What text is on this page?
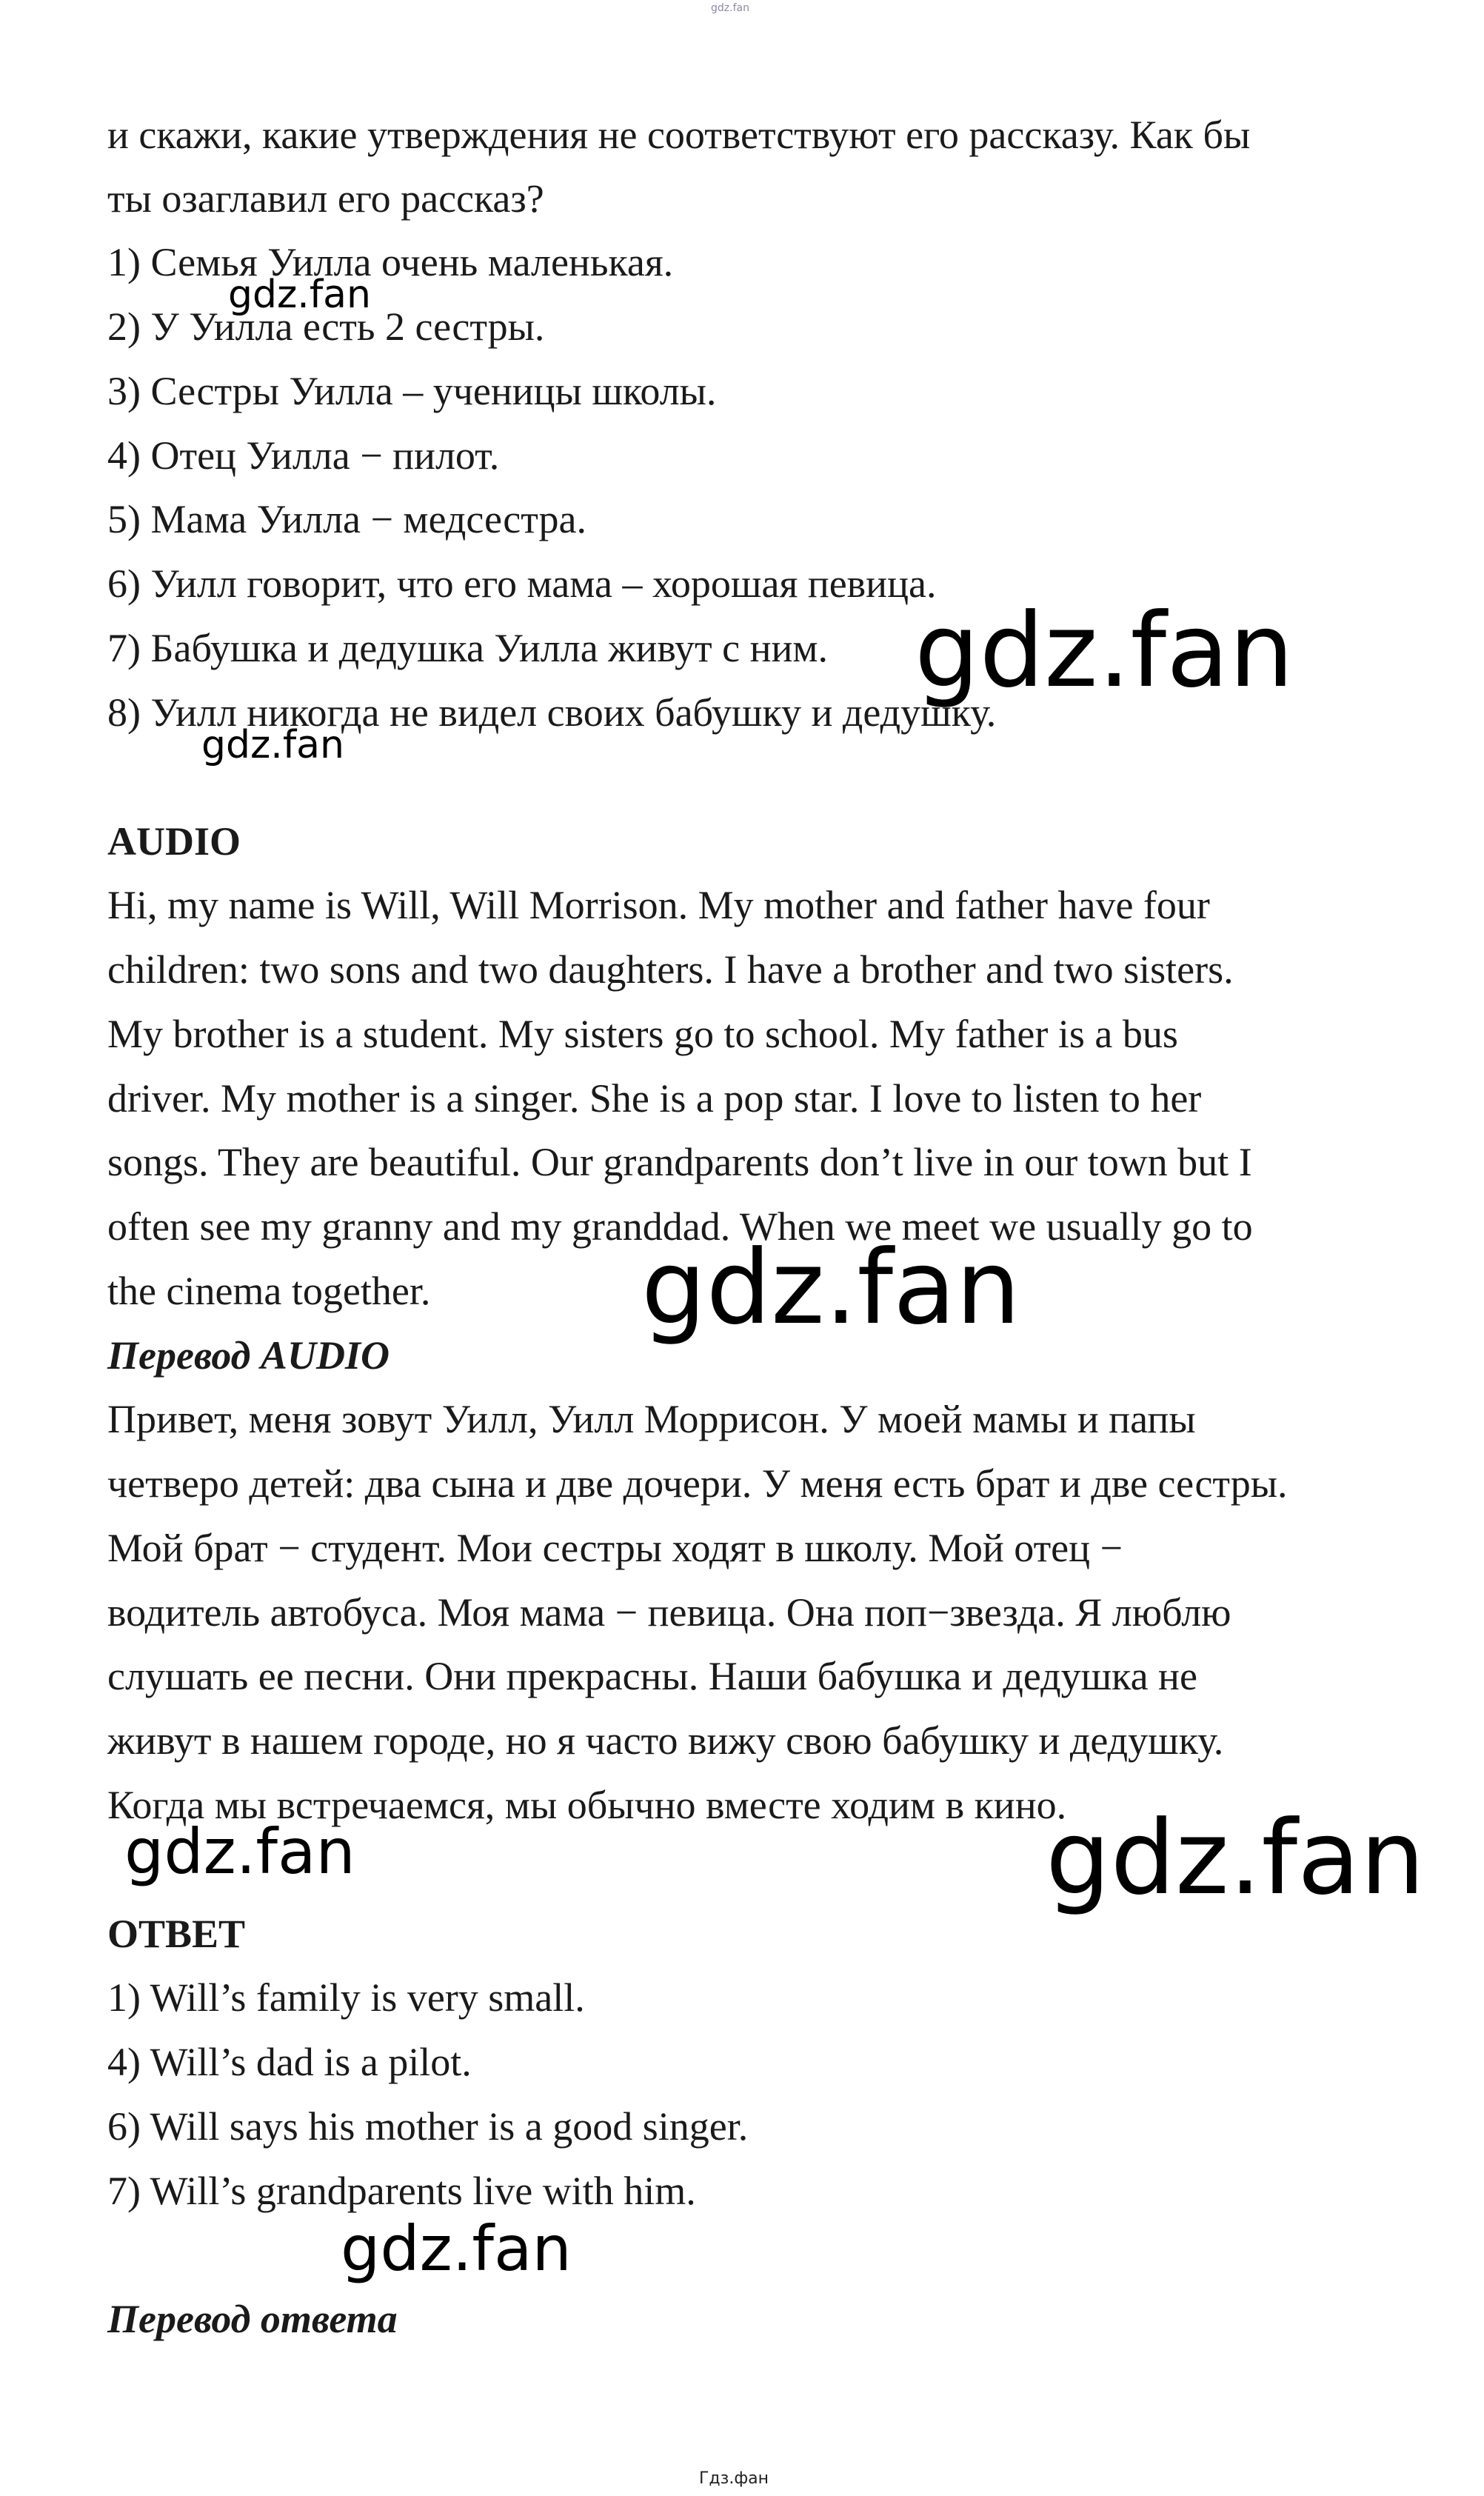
gdz.fan
и скажи, какие утверждения не соответствуют его рассказу. Как бы
ты озаглавил его рассказ?
1) Семья Уилла очень маленькая.
2) У Уилла есть 2 сестры.
3) Сестры Уилла – ученицы школы.
4) Отец Уилла − пилот.
5) Мама Уилла − медсестра.
6) Уилл говорит, что его мама – хорошая певица.
7) Бабушка и дедушка Уилла живут с ним.
8) Уилл никогда не видел своих бабушку и дедушку.
AUDIO
Hi, my name is Will, Will Morrison. My mother and father have four
children: two sons and two daughters. I have a brother and two sisters.
My brother is a student. My sisters go to school. My father is a bus
driver. My mother is a singer. She is a pop star. I love to listen to her
songs. They are beautiful. Our grandparents don’t live in our town but I
often see my granny and my granddad. When we meet we usually go to
the cinema together.
Перевод AUDIO
Привет, меня зовут Уилл, Уилл Моррисон. У моей мамы и папы
четверо детей: два сына и две дочери. У меня есть брат и две сестры.
Мой брат − студент. Мои сестры ходят в школу. Мой отец −
водитель автобуса. Моя мама − певица. Она поп−звезда. Я люблю
слушать ее песни. Они прекрасны. Наши бабушка и дедушка не
живут в нашем городе, но я часто вижу свою бабушку и дедушку.
Когда мы встречаемся, мы обычно вместе ходим в кино.
ОТВЕТ
1) Will’s family is very small.
4) Will’s dad is a pilot.
6) Will says his mother is a good singer.
7) Will’s grandparents live with him.
Перевод ответа
gdz.fan
gdz.fan
gdz.fan
gdz.fan
gdz.fan	gdz.fan
gdz.fan
Гдз.фан
